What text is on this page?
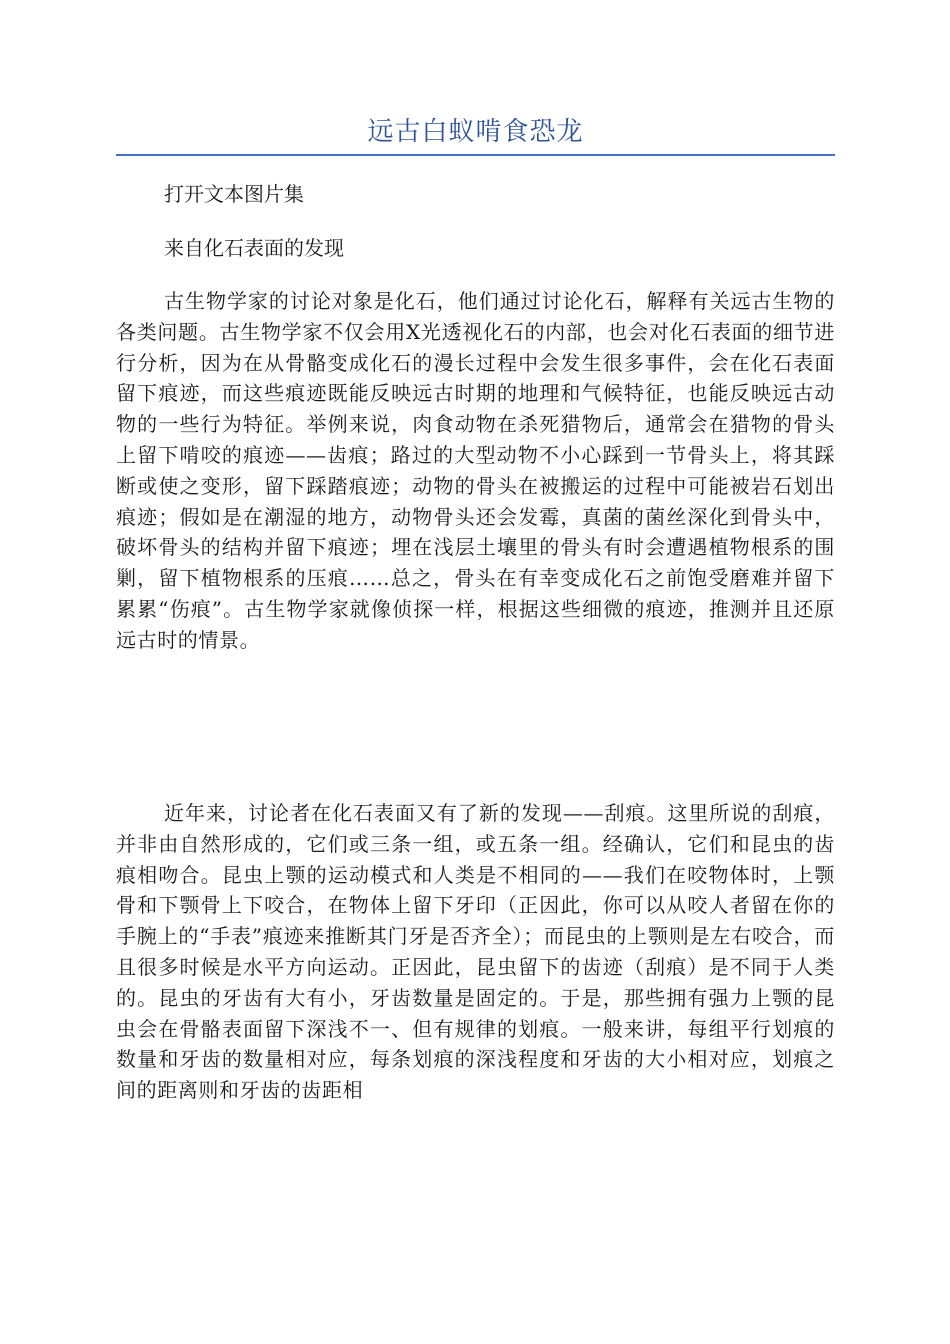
远古白蚁啃食恐龙

打开文本图片集

来自化石表面的发现

古生物学家的讨论对象是化石，他们通过讨论化石，解释有关远古生物的各类问题。古生物学家不仅会用X光透视化石的内部，也会对化石表面的细节进行分析，因为在从骨骼变成化石的漫长过程中会发生很多事件，会在化石表面留下痕迹，而这些痕迹既能反映远古时期的地理和气候特征，也能反映远古动物的一些行为特征。举例来说，肉食动物在杀死猎物后，通常会在猎物的骨头上留下啃咬的痕迹——齿痕；路过的大型动物不小心踩到一节骨头上，将其踩断或使之变形，留下踩踏痕迹；动物的骨头在被搬运的过程中可能被岩石划出痕迹；假如是在潮湿的地方，动物骨头还会发霉，真菌的菌丝深化到骨头中，破坏骨头的结构并留下痕迹；埋在浅层土壤里的骨头有时会遭遇植物根系的围剿，留下植物根系的压痕……总之，骨头在有幸变成化石之前饱受磨难并留下累累“伤痕”。古生物学家就像侦探一样，根据这些细微的痕迹，推测并且还原远古时的情景。

近年来，讨论者在化石表面又有了新的发现——刮痕。这里所说的刮痕，并非由自然形成的，它们或三条一组，或五条一组。经确认，它们和昆虫的齿痕相吻合。昆虫上颚的运动模式和人类是不相同的——我们在咬物体时，上颚骨和下颚骨上下咬合，在物体上留下牙印（正因此，你可以从咬人者留在你的手腕上的“手表”痕迹来推断其门牙是否齐全）；而昆虫的上颚则是左右咬合，而且很多时候是水平方向运动。正因此，昆虫留下的齿迹（刮痕）是不同于人类的。昆虫的牙齿有大有小，牙齿数量是固定的。于是，那些拥有强力上颚的昆虫会在骨骼表面留下深浅不一、但有规律的划痕。一般来讲，每组平行划痕的数量和牙齿的数量相对应，每条划痕的深浅程度和牙齿的大小相对应，划痕之间的距离则和牙齿的齿距相
